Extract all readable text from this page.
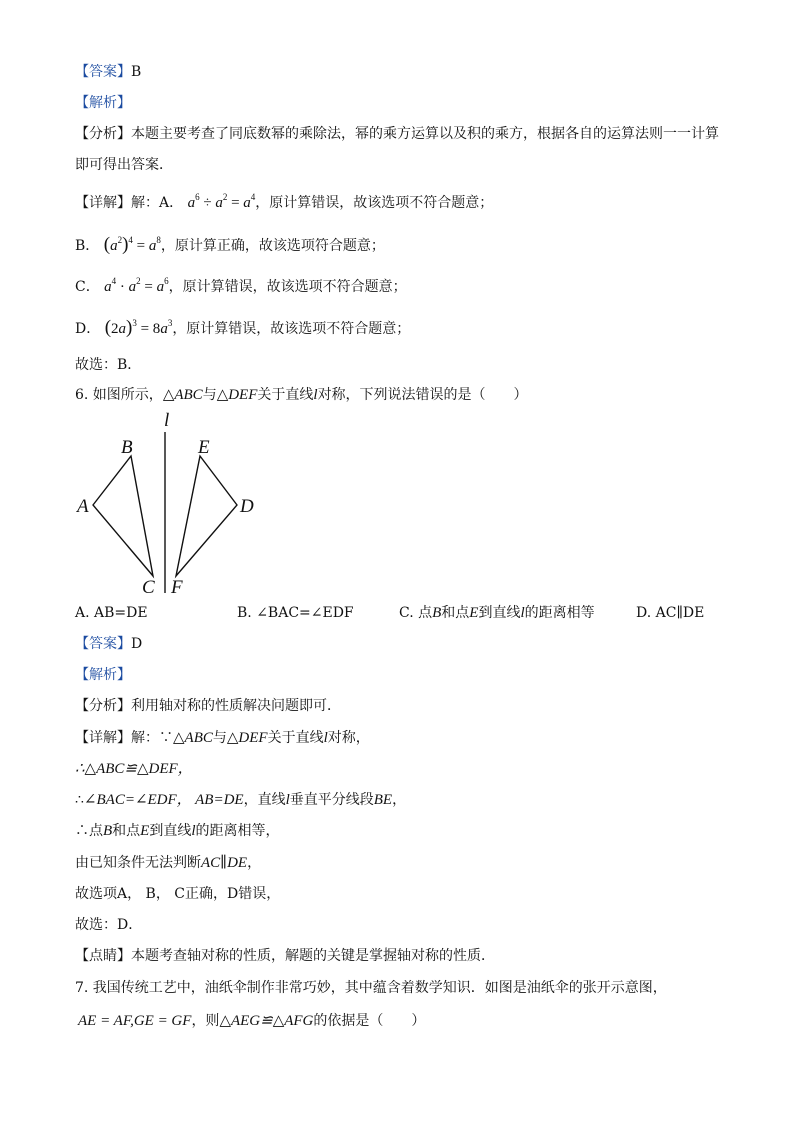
【答案】B
【解析】
【分析】本题主要考查了同底数幂的乘除法，幂的乘方运算以及积的乘方，根据各自的运算法则一一计算
即可得出答案．
【详解】解：A． $a^6 \div a^2 = a^4$，原计算错误，故该选项不符合题意；
B． $(a^2)^4 = a^8$，原计算正确，故该选项符合题意；
C． $a^4 \cdot a^2 = a^6$，原计算错误，故该选项不符合题意；
D． $(2a)^3 = 8a^3$，原计算错误，故该选项不符合题意；
故选：B．
6. 如图所示，△ABC与△DEF关于直线l对称，下列说法错误的是（　　）
l
B	E
A	D
C F
A. AB=DE	B. ∠BAC=∠EDF	C. 点B和点E到直线l的距离相等	D. AC∥DE
【答案】D
【解析】
【分析】利用轴对称的性质解决问题即可．
【详解】解：∵△ABC与△DEF关于直线l对称，
∴△ABC≌△DEF，
∴∠BAC=∠EDF， AB=DE，直线l垂直平分线段BE，
∴点B和点E到直线l的距离相等，
由已知条件无法判断AC∥DE，
故选项A， B， C正确，D错误，
故选：D．
【点睛】本题考查轴对称的性质，解题的关键是掌握轴对称的性质．
7. 我国传统工艺中，油纸伞制作非常巧妙，其中蕴含着数学知识．如图是油纸伞的张开示意图，
AE = AF,GE = GF，则△AEG≌△AFG的依据是（　　）
